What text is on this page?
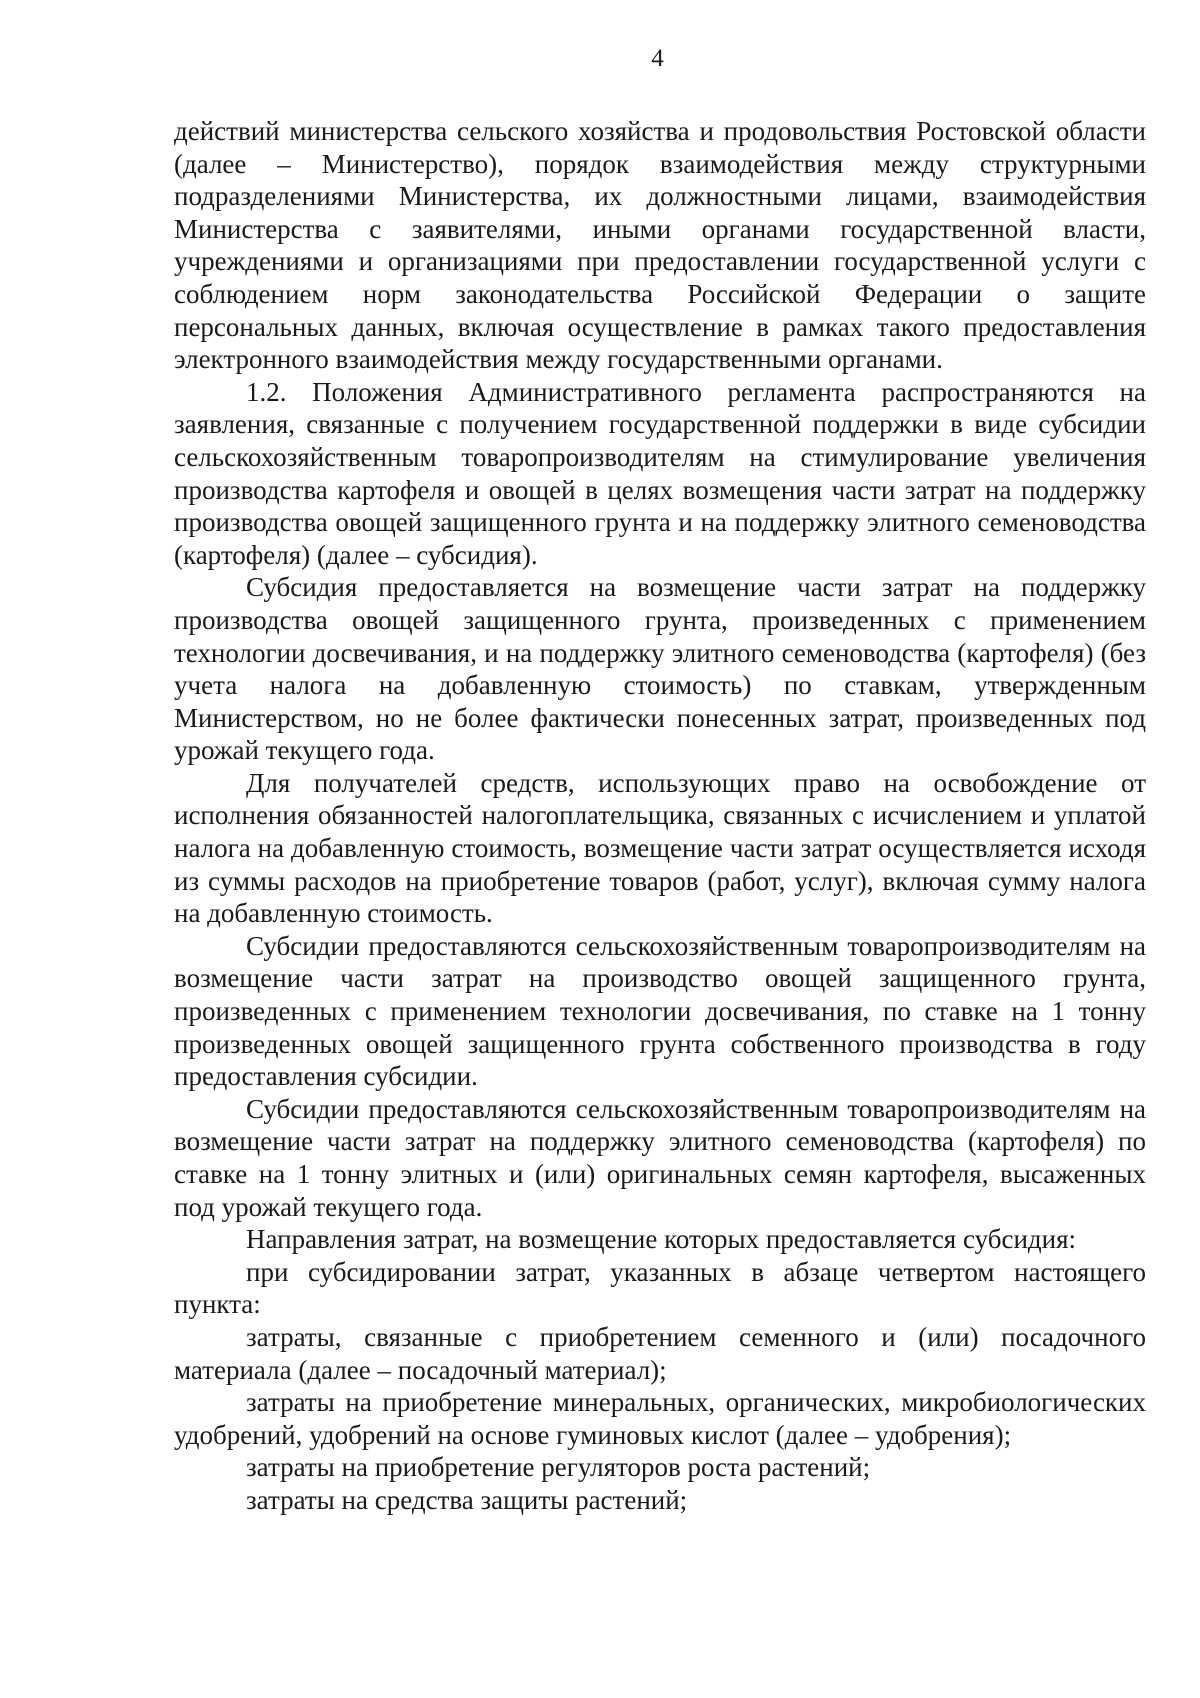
4

действий министерства сельского хозяйства и продовольствия Ростовской области (далее – Министерство), порядок взаимодействия между структурными подразделениями Министерства, их должностными лицами, взаимодействия Министерства с заявителями, иными органами государственной власти, учреждениями и организациями при предоставлении государственной услуги с соблюдением норм законодательства Российской Федерации о защите персональных данных, включая осуществление в рамках такого предоставления электронного взаимодействия между государственными органами.

1.2. Положения Административного регламента распространяются на заявления, связанные с получением государственной поддержки в виде субсидии сельскохозяйственным товаропроизводителям на стимулирование увеличения производства картофеля и овощей в целях возмещения части затрат на поддержку производства овощей защищенного грунта и на поддержку элитного семеноводства (картофеля) (далее – субсидия).

Субсидия предоставляется на возмещение части затрат на поддержку производства овощей защищенного грунта, произведенных с применением технологии досвечивания, и на поддержку элитного семеноводства (картофеля) (без учета налога на добавленную стоимость) по ставкам, утвержденным Министерством, но не более фактически понесенных затрат, произведенных под урожай текущего года.

Для получателей средств, использующих право на освобождение от исполнения обязанностей налогоплательщика, связанных с исчислением и уплатой налога на добавленную стоимость, возмещение части затрат осуществляется исходя из суммы расходов на приобретение товаров (работ, услуг), включая сумму налога на добавленную стоимость.

Субсидии предоставляются сельскохозяйственным товаропроизводителям на возмещение части затрат на производство овощей защищенного грунта, произведенных с применением технологии досвечивания, по ставке на 1 тонну произведенных овощей защищенного грунта собственного производства в году предоставления субсидии.

Субсидии предоставляются сельскохозяйственным товаропроизводителям на возмещение части затрат на поддержку элитного семеноводства (картофеля) по ставке на 1 тонну элитных и (или) оригинальных семян картофеля, высаженных под урожай текущего года.

Направления затрат, на возмещение которых предоставляется субсидия:

при субсидировании затрат, указанных в абзаце четвертом настоящего пункта:

затраты, связанные с приобретением семенного и (или) посадочного материала (далее – посадочный материал);

затраты на приобретение минеральных, органических, микробиологических удобрений, удобрений на основе гуминовых кислот (далее – удобрения);

затраты на приобретение регуляторов роста растений;

затраты на средства защиты растений;
